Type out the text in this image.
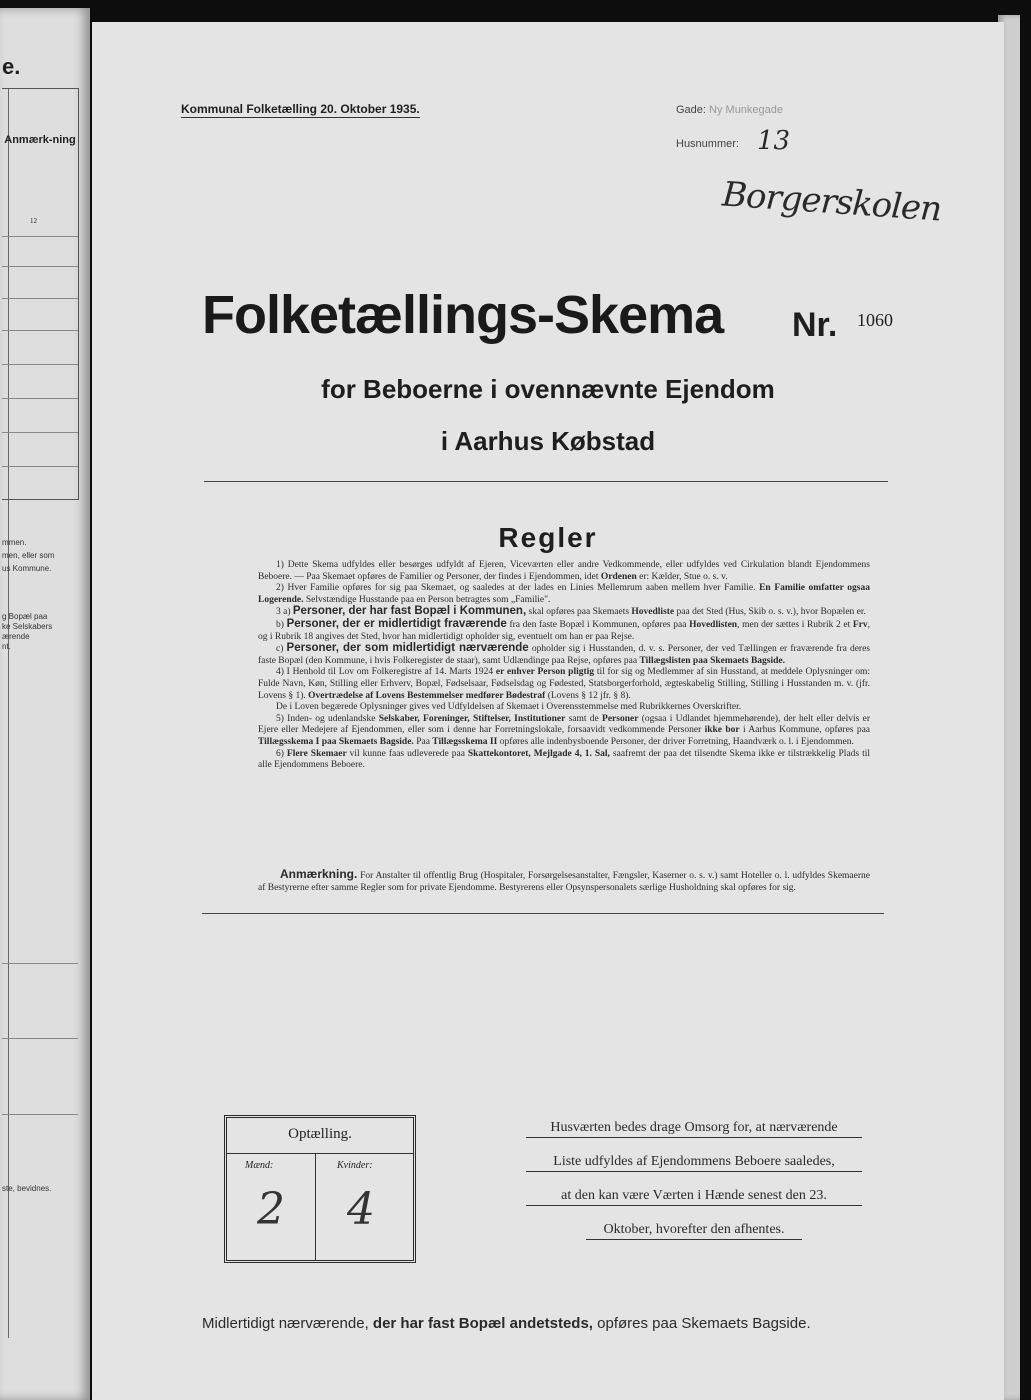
e.
Anmærk-ning
12
mmen.
men, eller som
us Kommune.
g Bopæl paa
ke Selskabers
ærende
nt.
ste, bevidnes.
Kommunal Folketælling 20. Oktober 1935.	Gade: Ny Munkegade
Husnummer: 13
Borgerskolen
Folketællings-Skema Nr. 1060
for Beboerne i ovennævnte Ejendom
i Aarhus Købstad
Regler

1) Dette Skema udfyldes eller besørges udfyldt af Ejeren, Viceværten eller andre Vedkommende, eller udfyldes ved Cirkulation blandt Ejendommens Beboere. — Paa Skemaet opføres de Familier og Personer, der findes i Ejendommen, idet Ordenen er: Kælder, Stue o. s. v.

2) Hver Familie opføres for sig paa Skemaet, og saaledes at der lades en Linies Mellemrum aaben mellem hver Familie. En Familie omfatter ogsaa Logerende. Selvstændige Husstande paa en Person betragtes som „Familie".

3 a) Personer, der har fast Bopæl i Kommunen, skal opføres paa Skemaets Hovedliste paa det Sted (Hus, Skib o. s. v.), hvor Bopælen er.

b) Personer, der er midlertidigt fraværende fra den faste Bopæl i Kommunen, opføres paa Hovedlisten, men der sættes i Rubrik 2 et Frv, og i Rubrik 18 angives det Sted, hvor han midlertidigt opholder sig, eventuelt om han er paa Rejse.

c) Personer, der som midlertidigt nærværende opholder sig i Husstanden, d. v. s. Personer, der ved Tællingen er fraværende fra deres faste Bopæl (den Kommune, i hvis Folkeregister de staar), samt Udlændinge paa Rejse, opføres paa Tillægslisten paa Skemaets Bagside.

4) I Henhold til Lov om Folkeregistre af 14. Marts 1924 er enhver Person pligtig til for sig og Medlemmer af sin Husstand, at meddele Oplysninger om: Fulde Navn, Køn, Stilling eller Erhverv, Bopæl, Fødselsaar, Fødselsdag og Fødested, Statsborgerforhold, ægteskabelig Stilling, Stilling i Husstanden m. v. (jfr. Lovens § 1). Overtrædelse af Lovens Bestemmelser medfører Bødestraf (Lovens § 12 jfr. § 8).

De i Loven begærede Oplysninger gives ved Udfyldelsen af Skemaet i Overensstemmelse med Rubrikkernes Overskrifter.

5) Inden- og udenlandske Selskaber, Foreninger, Stiftelser, Institutioner samt de Personer (ogsaa i Udlandet hjemmehørende), der helt eller delvis er Ejere eller Medejere af Ejendommen, eller som i denne har Forretningslokale, forsaavidt vedkommende Personer ikke bor i Aarhus Kommune, opføres paa Tillægsskema I paa Skemaets Bagside. Paa Tillægsskema II opføres alle indenbysboende Personer, der driver Forretning, Haandværk o. l. i Ejendommen.

6) Flere Skemaer vil kunne faas udleverede paa Skattekontoret, Mejlgade 4, 1. Sal, saafremt der paa det tilsendte Skema ikke er tilstrækkelig Plads til alle Ejendommens Beboere.

Anmærkning. For Anstalter til offentlig Brug (Hospitaler, Forsørgelsesanstalter, Fængsler, Kaserner o. s. v.) samt Hoteller o. l. udfyldes Skemaerne af Bestyrerne efter samme Regler som for private Ejendomme. Bestyrerens eller Opsynspersonalets særlige Husholdning skal opføres for sig.
Optælling.
Mænd:	Kvinder:
2 4
Husværten bedes drage Omsorg for, at nærværende
Liste udfyldes af Ejendommens Beboere saaledes,
at den kan være Værten i Hænde senest den 23.
Oktober, hvorefter den afhentes.
Midlertidigt nærværende, der har fast Bopæl andetsteds, opføres paa Skemaets Bagside.
